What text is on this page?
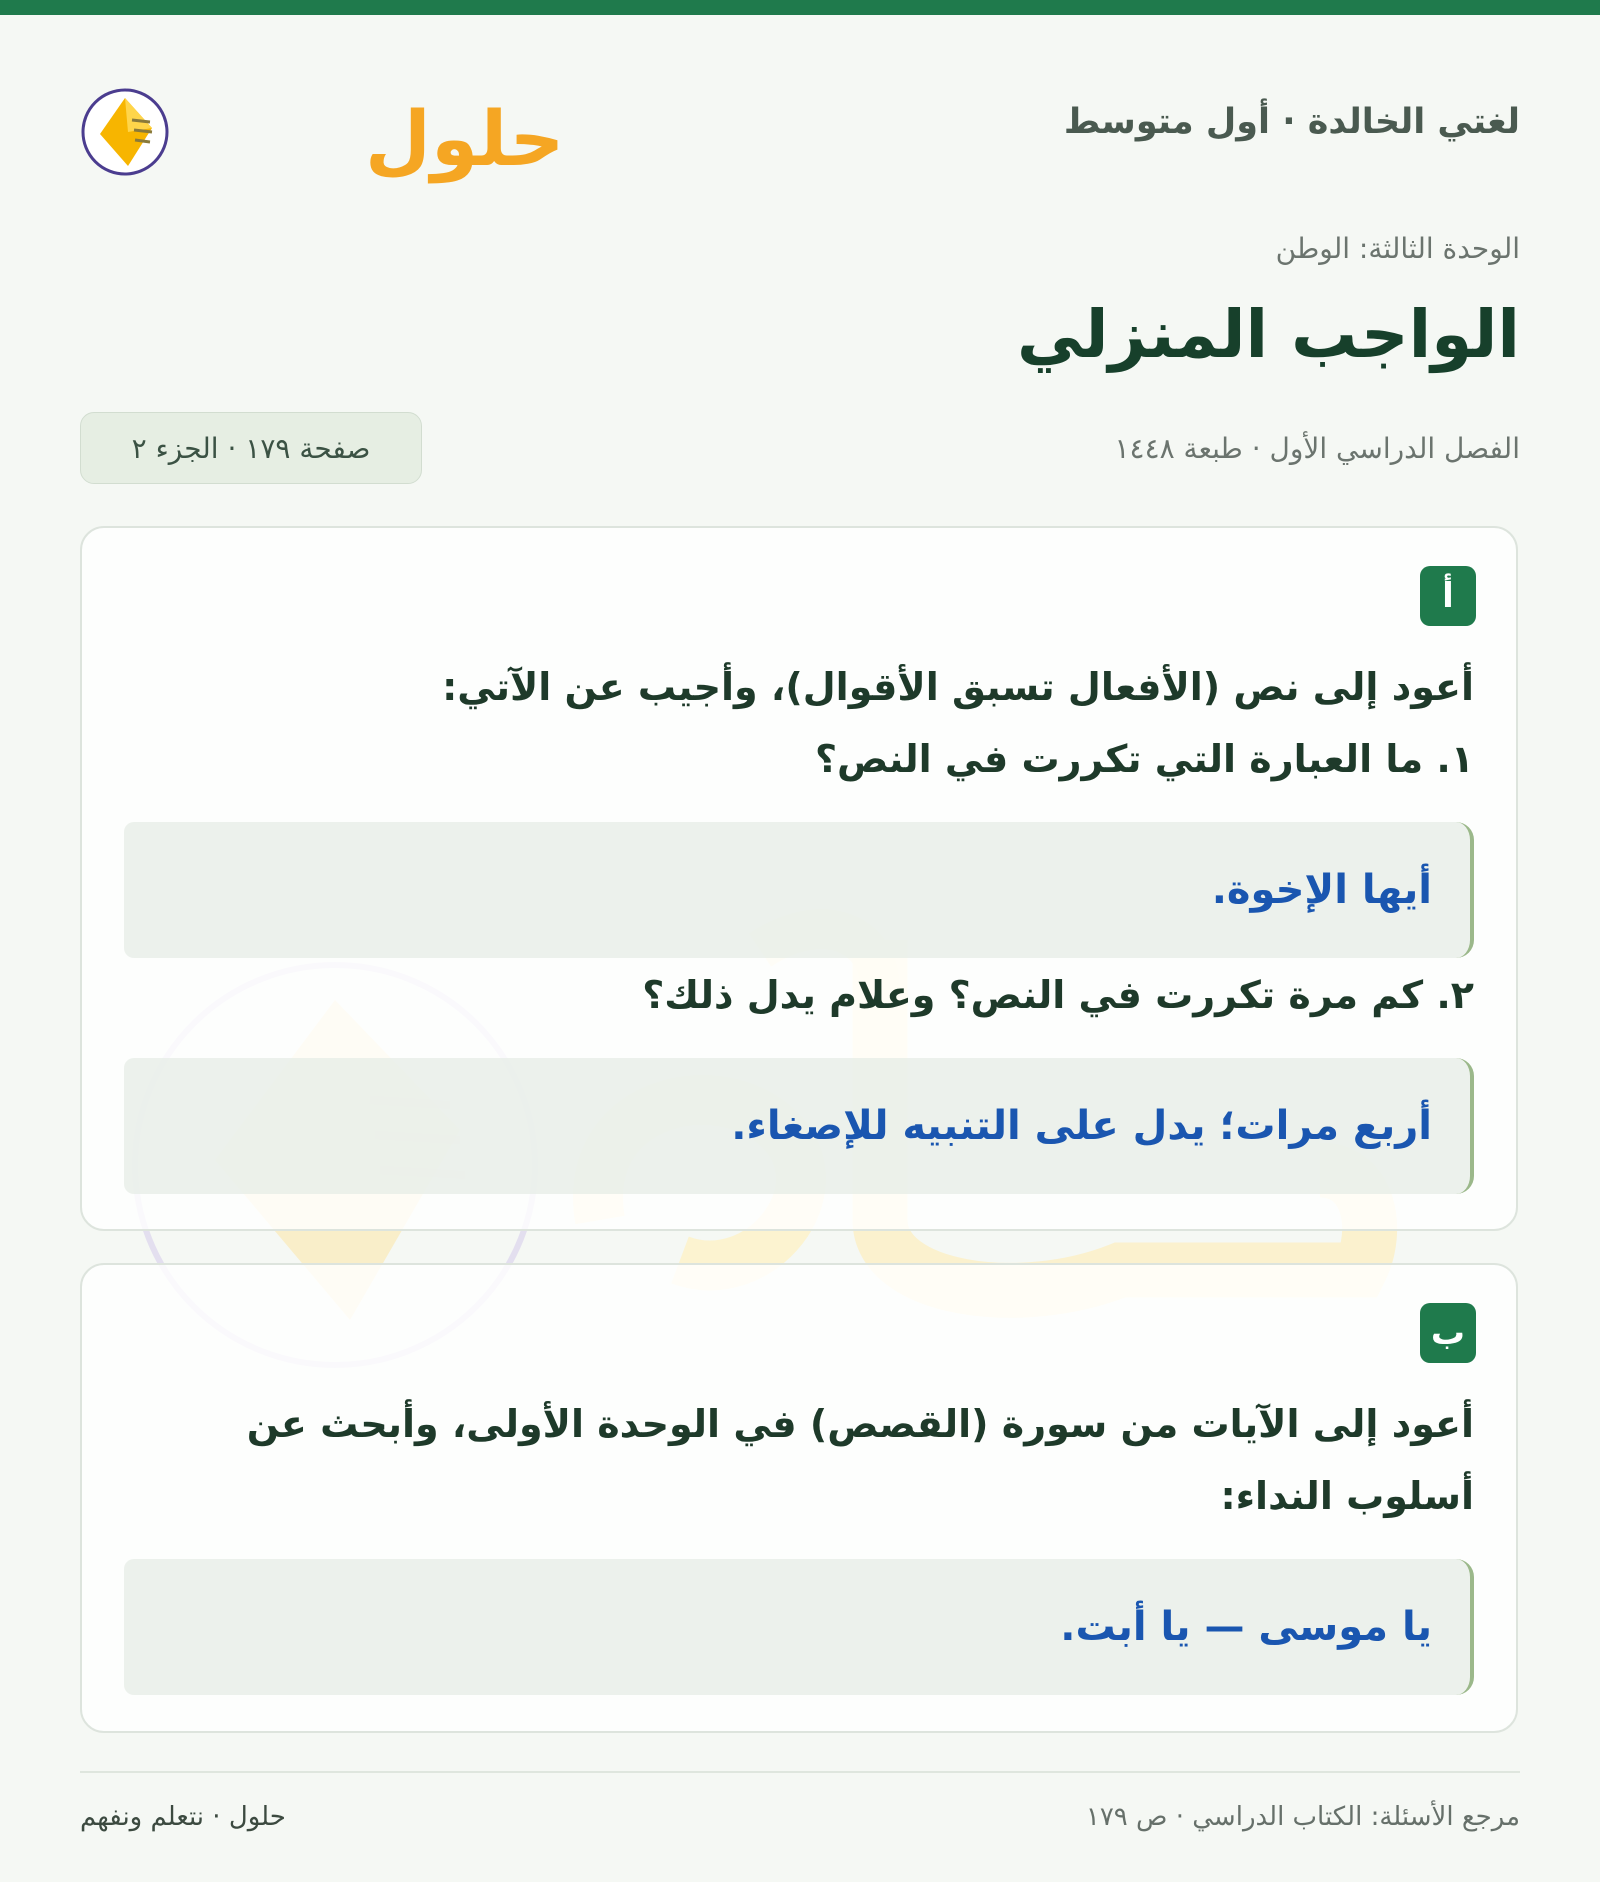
لغتي الخالدة · أول متوسط
حلول
الوحدة الثالثة: الوطن
الواجب المنزلي
الفصل الدراسي الأول · طبعة ١٤٤٨
صفحة ١٧٩ · الجزء ٢
أ
أعود إلى نص (الأفعال تسبق الأقوال)، وأجيب عن الآتي:
١. ما العبارة التي تكررت في النص؟
أيها الإخوة.
٢. كم مرة تكررت في النص؟ وعلام يدل ذلك؟
أربع مرات؛ يدل على التنبيه للإصغاء.
ب
أعود إلى الآيات من سورة (القصص) في الوحدة الأولى، وأبحث عن
أسلوب النداء:
يا موسى — يا أبت.
مرجع الأسئلة: الكتاب الدراسي · ص ١٧٩
حلول · نتعلم ونفهم
